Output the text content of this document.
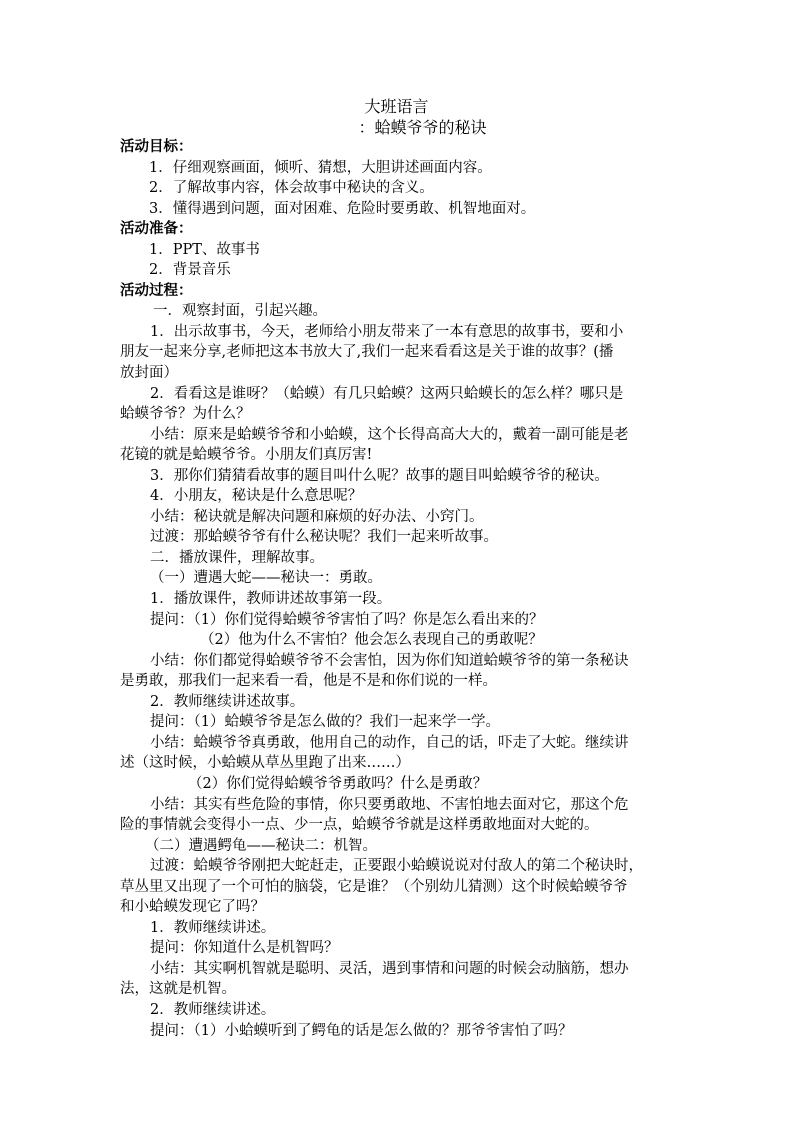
大班语言
：蛤蟆爷爷的秘诀
活动目标：
1．仔细观察画面，倾听、猜想，大胆讲述画面内容。
2．了解故事内容，体会故事中秘诀的含义。
3．懂得遇到问题，面对困难、危险时要勇敢、机智地面对。
活动准备：
1．PPT、故事书
2．背景音乐
活动过程：
一．观察封面，引起兴趣。
1．出示故事书，今天，老师给小朋友带来了一本有意思的故事书，要和小
朋友一起来分享,老师把这本书放大了,我们一起来看看这是关于谁的故事？(播
放封面）
2．看看这是谁呀？（蛤蟆）有几只蛤蟆？这两只蛤蟆长的怎么样？哪只是
蛤蟆爷爷？为什么？
小结：原来是蛤蟆爷爷和小蛤蟆，这个长得高高大大的，戴着一副可能是老
花镜的就是蛤蟆爷爷。小朋友们真厉害!
3．那你们猜猜看故事的题目叫什么呢？故事的题目叫蛤蟆爷爷的秘诀。
4．小朋友，秘诀是什么意思呢？
小结：秘诀就是解决问题和麻烦的好办法、小窍门。
过渡：那蛤蟆爷爷有什么秘诀呢？我们一起来听故事。
二．播放课件，理解故事。
（一）遭遇大蛇——秘诀一：勇敢。
1．播放课件，教师讲述故事第一段。
提问：（1）你们觉得蛤蟆爷爷害怕了吗？你是怎么看出来的？
（2）他为什么不害怕？他会怎么表现自己的勇敢呢？
小结：你们都觉得蛤蟆爷爷不会害怕，因为你们知道蛤蟆爷爷的第一条秘诀
是勇敢，那我们一起来看一看，他是不是和你们说的一样。
2．教师继续讲述故事。
提问：（1）蛤蟆爷爷是怎么做的？我们一起来学一学。
小结：蛤蟆爷爷真勇敢，他用自己的动作，自己的话，吓走了大蛇。继续讲
述（这时候，小蛤蟆从草丛里跑了出来……）
（2）你们觉得蛤蟆爷爷勇敢吗？什么是勇敢？
小结：其实有些危险的事情，你只要勇敢地、不害怕地去面对它，那这个危
险的事情就会变得小一点、少一点，蛤蟆爷爷就是这样勇敢地面对大蛇的。
（二）遭遇鳄龟——秘诀二：机智。
过渡：蛤蟆爷爷刚把大蛇赶走，正要跟小蛤蟆说说对付敌人的第二个秘诀时，
草丛里又出现了一个可怕的脑袋，它是谁？（个别幼儿猜测）这个时候蛤蟆爷爷
和小蛤蟆发现它了吗？
1．教师继续讲述。
提问：你知道什么是机智吗？
小结：其实啊机智就是聪明、灵活，遇到事情和问题的时候会动脑筋，想办
法，这就是机智。
2．教师继续讲述。
提问：（1）小蛤蟆听到了鳄龟的话是怎么做的？那爷爷害怕了吗？
